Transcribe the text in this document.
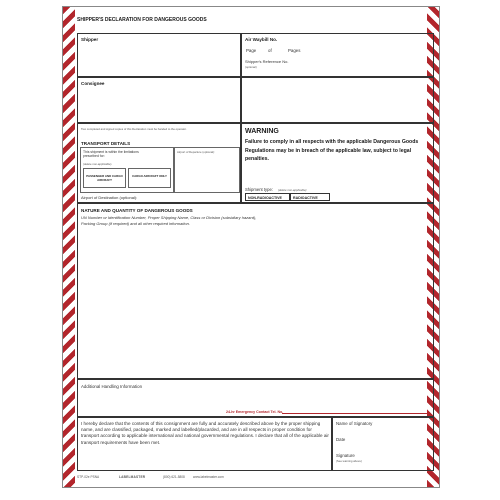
SHIPPER'S DECLARATION FOR DANGEROUS GOODS
Shipper	Air Waybill No.
Page	of	Pages
Shipper's Reference No.
(optional)
Consignee
Two completed and signed copies of this Declaration must be handed to the operator.
TRANSPORT DETAILS
This shipment is within the limitations prescribed for:
(delete non-applicable)
PASSENGER AND CARGO AIRCRAFT
CARGO AIRCRAFT ONLY
Airport of Departure (optional):
Airport of Destination (optional):
WARNING
Failure to comply in all respects with the applicable Dangerous Goods Regulations may be in breach of the applicable law, subject to legal penalties.
Shipment type: (delete non-applicable)
NON-RADIOACTIVE	RADIOACTIVE
NATURE AND QUANTITY OF DANGEROUS GOODS
UN Number or Identification Number, Proper Shipping Name, Class or Division (subsidiary hazard),
Packing Group (if required) and all other required information.
Additional Handling Information
24-hr Emergency Contact Tel. No.
I hereby declare that the contents of this consignment are fully and accurately described above by the proper shipping name, and are classified, packaged, marked and labelled/placarded, and are in all respects in proper condition for transport according to applicable international and national governmental regulations. I declare that all of the applicable air transport requirements have been met.
Name of Signatory
Date
Signature
(See warning above)
STP-02e PSNA	LABELMASTER	(800) 621-5808	www.labelmaster.com
